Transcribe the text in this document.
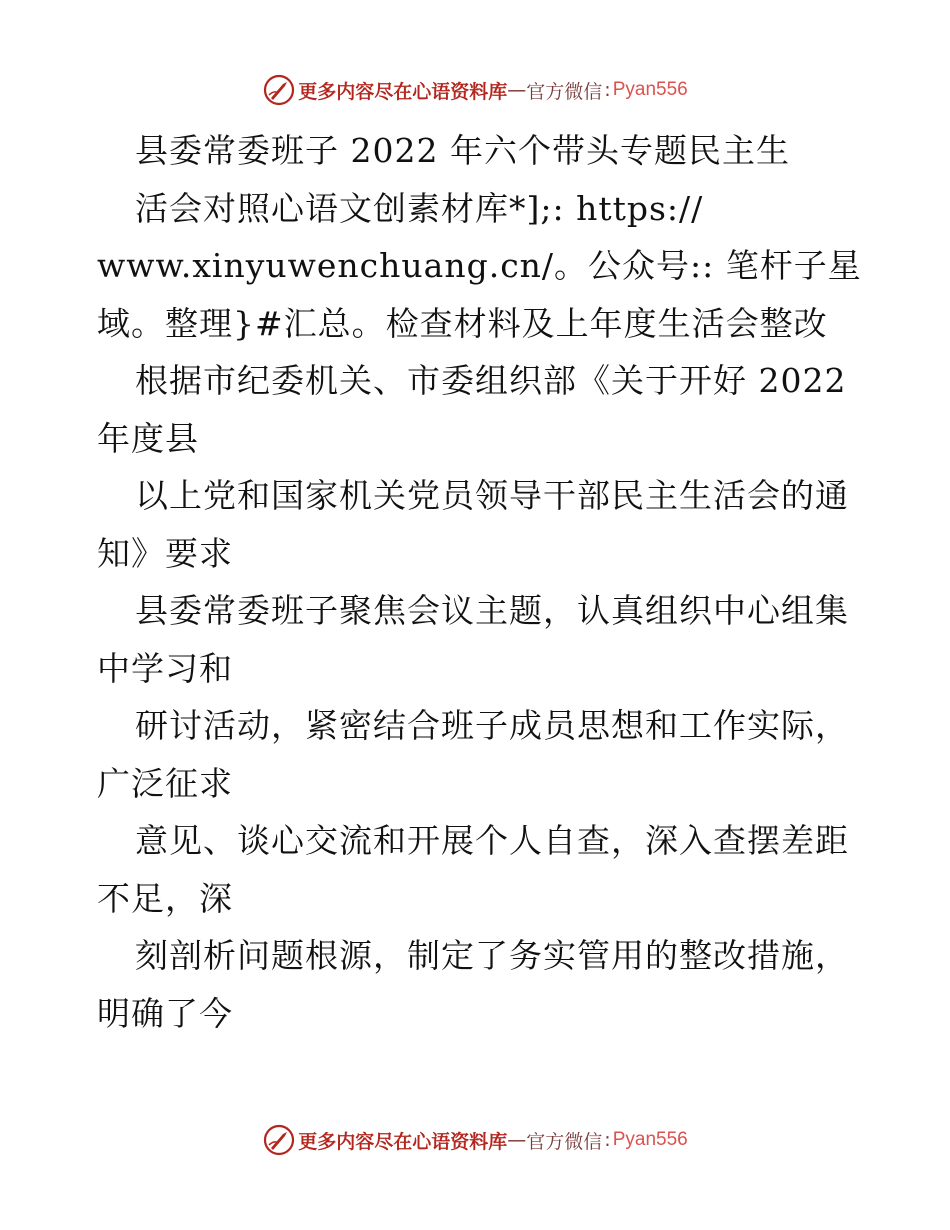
更多内容尽在心语资料库 — 官方微信 : Pyan556
县委常委班子 2022 年六个带头专题民主生
活会对照心语文创素材库*];: https://
www.xinyuwenchuang.cn/。公众号:: 笔杆子星
域。整理}#汇总。检查材料及上年度生活会整改
根据市纪委机关、市委组织部《关于开好 2022
年度县
以上党和国家机关党员领导干部民主生活会的通
知》要求
县委常委班子聚焦会议主题，认真组织中心组集
中学习和
研讨活动，紧密结合班子成员思想和工作实际，
广泛征求
意见、谈心交流和开展个人自查，深入查摆差距
不足，深
刻剖析问题根源，制定了务实管用的整改措施，
明确了今
更多内容尽在心语资料库 — 官方微信 : Pyan556
